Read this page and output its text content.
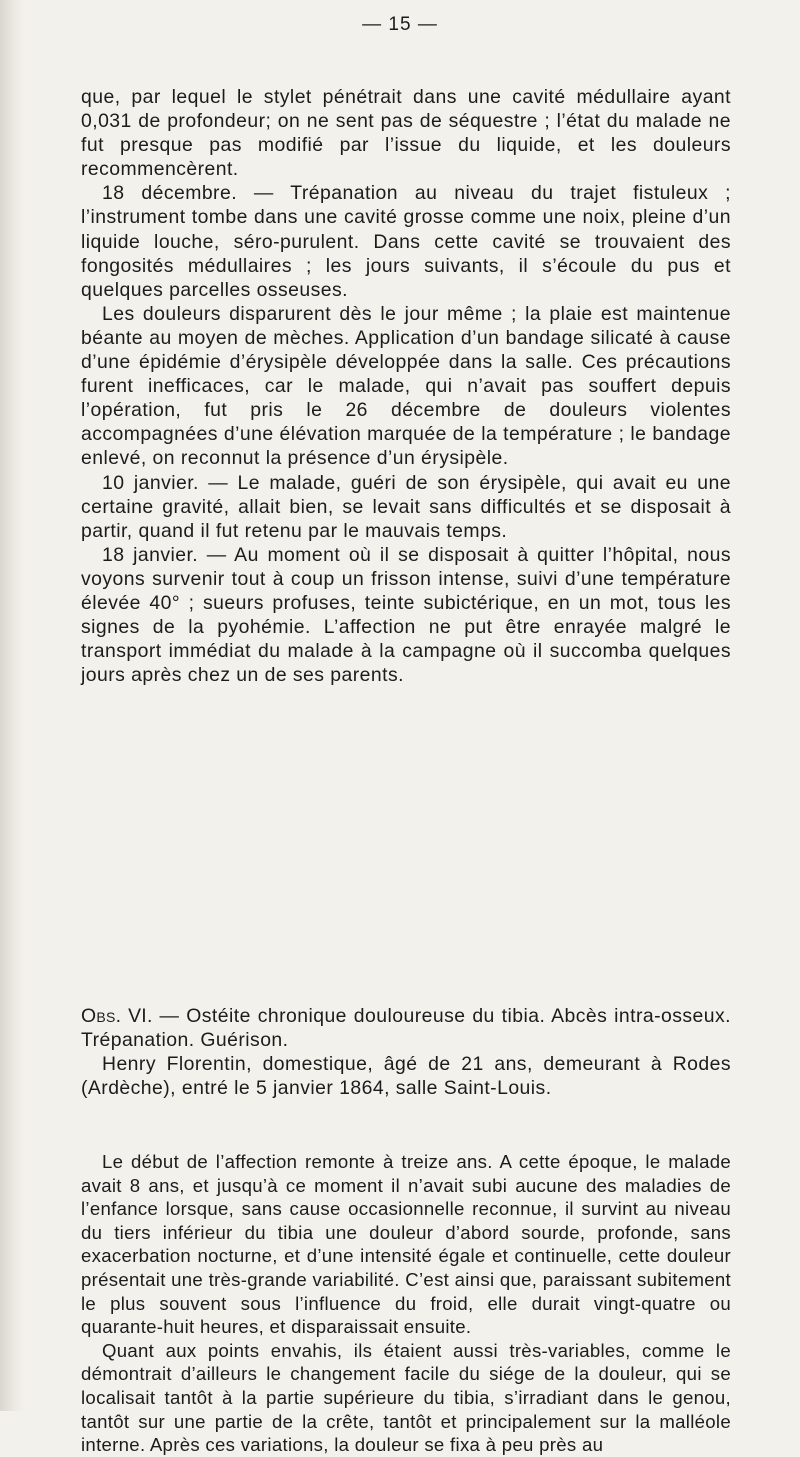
— 15 —

que, par lequel le stylet pénétrait dans une cavité médullaire ayant 0,031 de profondeur; on ne sent pas de séquestre ; l’état du malade ne fut presque pas modifié par l’issue du liquide, et les douleurs recommencèrent.

18 décembre. — Trépanation au niveau du trajet fistuleux ; l’instrument tombe dans une cavité grosse comme une noix, pleine d’un liquide louche, séro-purulent. Dans cette cavité se trouvaient des fongosités médullaires ; les jours suivants, il s’écoule du pus et quelques parcelles osseuses.

Les douleurs disparurent dès le jour même ; la plaie est maintenue béante au moyen de mèches. Application d’un bandage silicaté à cause d’une épidémie d’érysipèle développée dans la salle. Ces précautions furent inefficaces, car le malade, qui n’avait pas souffert depuis l’opération, fut pris le 26 décembre de douleurs violentes accompagnées d’une élévation marquée de la température ; le bandage enlevé, on reconnut la présence d’un érysipèle.

10 janvier. — Le malade, guéri de son érysipèle, qui avait eu une certaine gravité, allait bien, se levait sans difficultés et se disposait à partir, quand il fut retenu par le mauvais temps.

18 janvier. — Au moment où il se disposait à quitter l’hôpital, nous voyons survenir tout à coup un frisson intense, suivi d’une température élevée 40° ; sueurs profuses, teinte subictérique, en un mot, tous les signes de la pyohémie. L’affection ne put être enrayée malgré le transport immédiat du malade à la campagne où il succomba quelques jours après chez un de ses parents.

Obs. VI. — Ostéite chronique douloureuse du tibia. Abcès intra-osseux. Trépanation. Guérison.

Henry Florentin, domestique, âgé de 21 ans, demeurant à Rodes (Ardèche), entré le 5 janvier 1864, salle Saint-Louis.

Le début de l’affection remonte à treize ans. A cette époque, le malade avait 8 ans, et jusqu’à ce moment il n’avait subi aucune des maladies de l’enfance lorsque, sans cause occasionnelle reconnue, il survint au niveau du tiers inférieur du tibia une douleur d’abord sourde, profonde, sans exacerbation nocturne, et d’une intensité égale et continuelle, cette douleur présentait une très-grande variabilité. C’est ainsi que, paraissant subitement le plus souvent sous l’influence du froid, elle durait vingt-quatre ou quarante-huit heures, et disparaissait ensuite.

Quant aux points envahis, ils étaient aussi très-variables, comme le démontrait d’ailleurs le changement facile du siége de la douleur, qui se localisait tantôt à la partie supérieure du tibia, s’irradiant dans le genou, tantôt sur une partie de la crête, tantôt et principalement sur la malléole interne. Après ces variations, la douleur se fixa à peu près au
